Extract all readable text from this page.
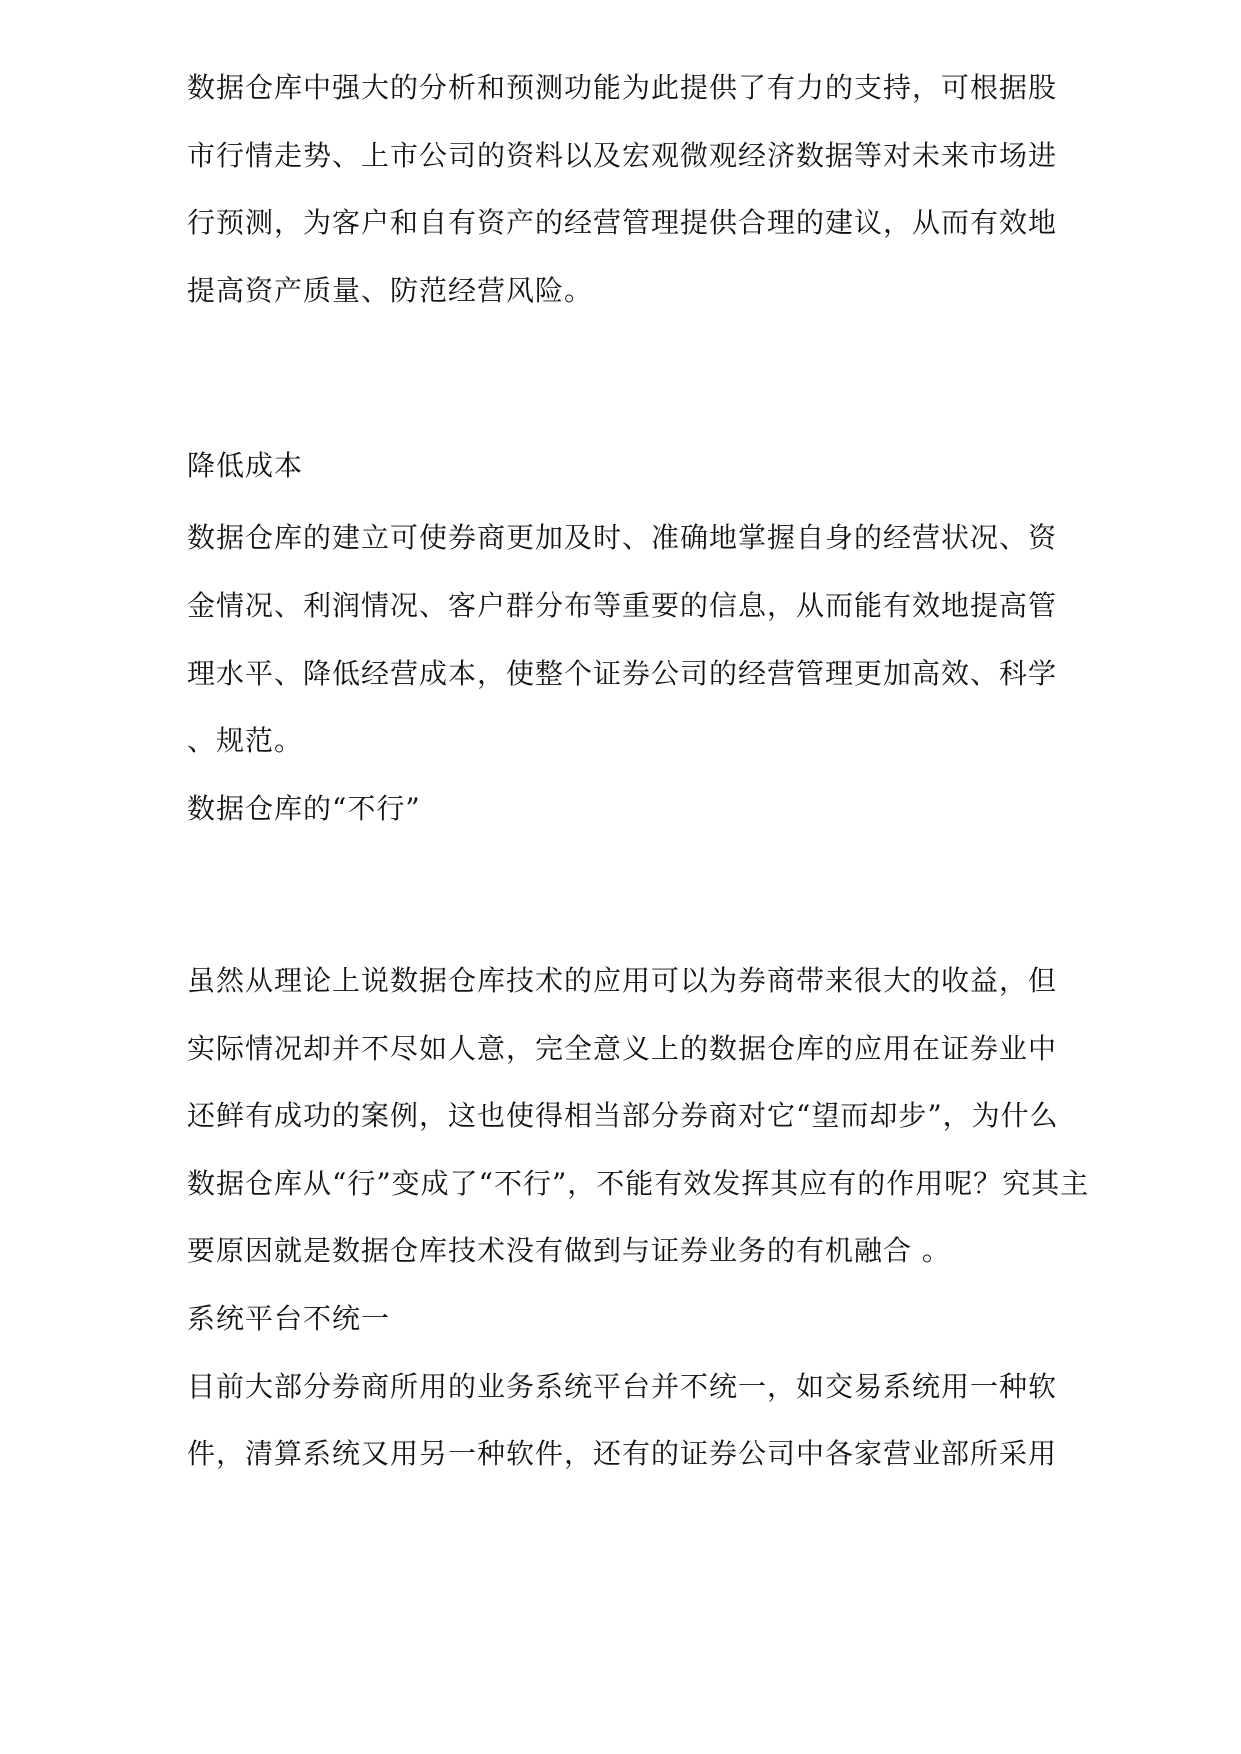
数据仓库中强大的分析和预测功能为此提供了有力的支持，可根据股
市行情走势、上市公司的资料以及宏观微观经济数据等对未来市场进
行预测，为客户和自有资产的经营管理提供合理的建议，从而有效地
提高资产质量、防范经营风险。
降低成本
数据仓库的建立可使券商更加及时、准确地掌握自身的经营状况、资
金情况、利润情况、客户群分布等重要的信息，从而能有效地提高管
理水平、降低经营成本，使整个证券公司的经营管理更加高效、科学
、规范。
数据仓库的“不行”
虽然从理论上说数据仓库技术的应用可以为券商带来很大的收益，但
实际情况却并不尽如人意，完全意义上的数据仓库的应用在证券业中
还鲜有成功的案例，这也使得相当部分券商对它“望而却步”，为什么
数据仓库从“行”变成了“不行”，不能有效发挥其应有的作用呢？究其主
要原因就是数据仓库技术没有做到与证券业务的有机融合 。
系统平台不统一
目前大部分券商所用的业务系统平台并不统一，如交易系统用一种软
件，清算系统又用另一种软件，还有的证券公司中各家营业部所采用
